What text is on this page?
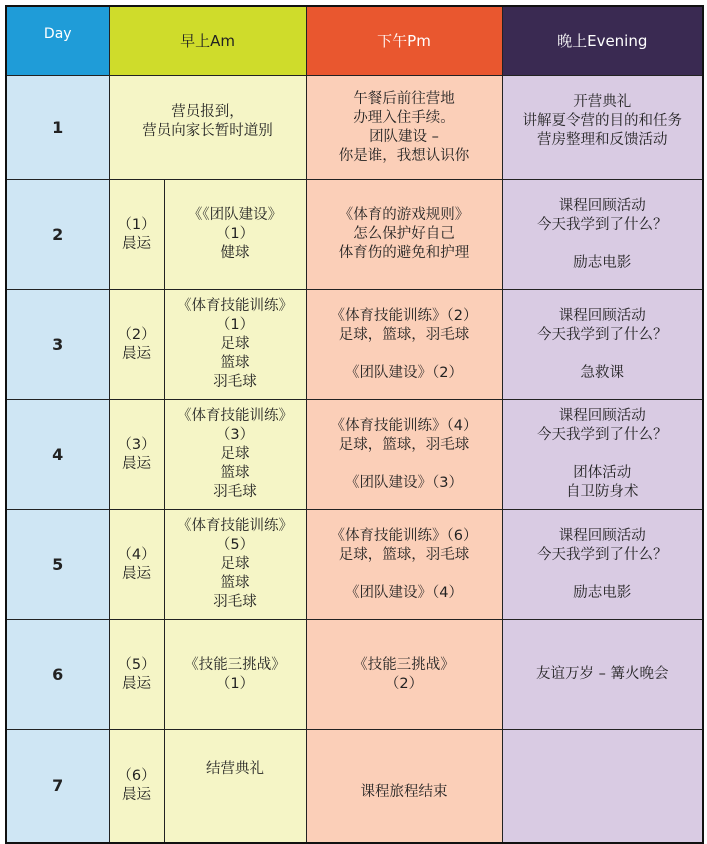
Day	早上Am		下午Pm	晚上Evening
1	营员报到，
营员向家长暂时道别		午餐后前往营地
办理入住手续。
团队建设 –
你是谁，我想认识你	开营典礼
讲解夏令营的目的和任务
营房整理和反馈活动

2	（1）
晨运	《《团队建设》
（1）
健球	《体育的游戏规则》
怎么保护好自己
体育伤的避免和护理	课程回顾活动
今天我学到了什么？
励志电影

3	（2）
晨运	《体育技能训练》
（1）
足球
篮球
羽毛球	《体育技能训练》（2）
足球，篮球，羽毛球
《团队建设》（2）	课程回顾活动
今天我学到了什么？
急救课

4	（3）
晨运	《体育技能训练》
（3）
足球
篮球
羽毛球	《体育技能训练》（4）
足球，篮球，羽毛球
《团队建设》（3）	课程回顾活动
今天我学到了什么？
团体活动
自卫防身术

5	（4）
晨运	《体育技能训练》
（5）
足球
篮球
羽毛球	《体育技能训练》（6）
足球，篮球，羽毛球
《团队建设》（4）	课程回顾活动
今天我学到了什么？
励志电影

6	（5）
晨运	《技能三挑战》
（1）	《技能三挑战》
（2）	友谊万岁 – 篝火晚会

7	（6）
晨运	结营典礼	课程旅程结束	
